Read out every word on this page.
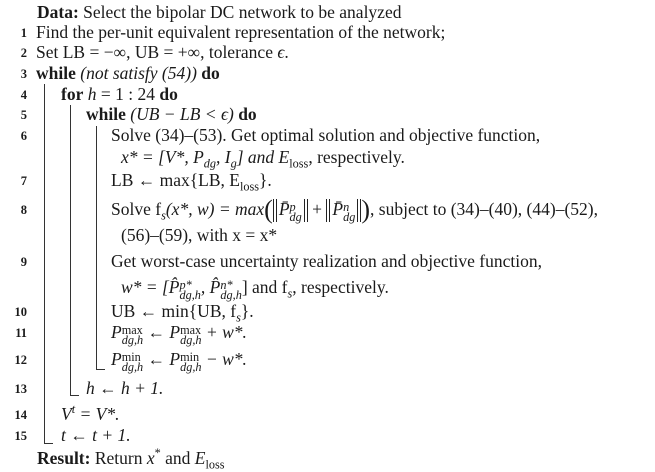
Data: Select the bipolar DC network to be analyzed
1 Find the per-unit equivalent representation of the network;
2 Set LB = −∞, UB = +∞, tolerance ϵ.
3 while (not satisfy (54)) do
4 for h = 1 : 24 do
5	while (UB − LB < ϵ) do
6	Solve (34)–(53). Get optimal solution and objective function,
x* = [V*, $P_{dg}$, $I_g$] and $E_{loss}$, respectively.
7	LB ← max{LB, $E_{loss}$}.
8	Solve $f_s(x*$, w) = max( P̄ p
dg + P̄ n
dg ), subject to (34)–(40), (44)–(52),
(56)–(59), with x = x*
9	Get worst-case uncertainty realization and objective function,
w* = [P̂ p*
dg,h , P̂ n*
dg,h ] and $f_s$, respectively.
10	UB ← min{UB, $f_s$}.
11	P max
dg,h ← P max
dg,h + w*.
12	P min
dg,h ← P min
dg,h − w*.
13	h ← h + 1.
14 $V^t = V*$.
15 t ← t + 1.
Result: Return x* and $E_{loss}$
